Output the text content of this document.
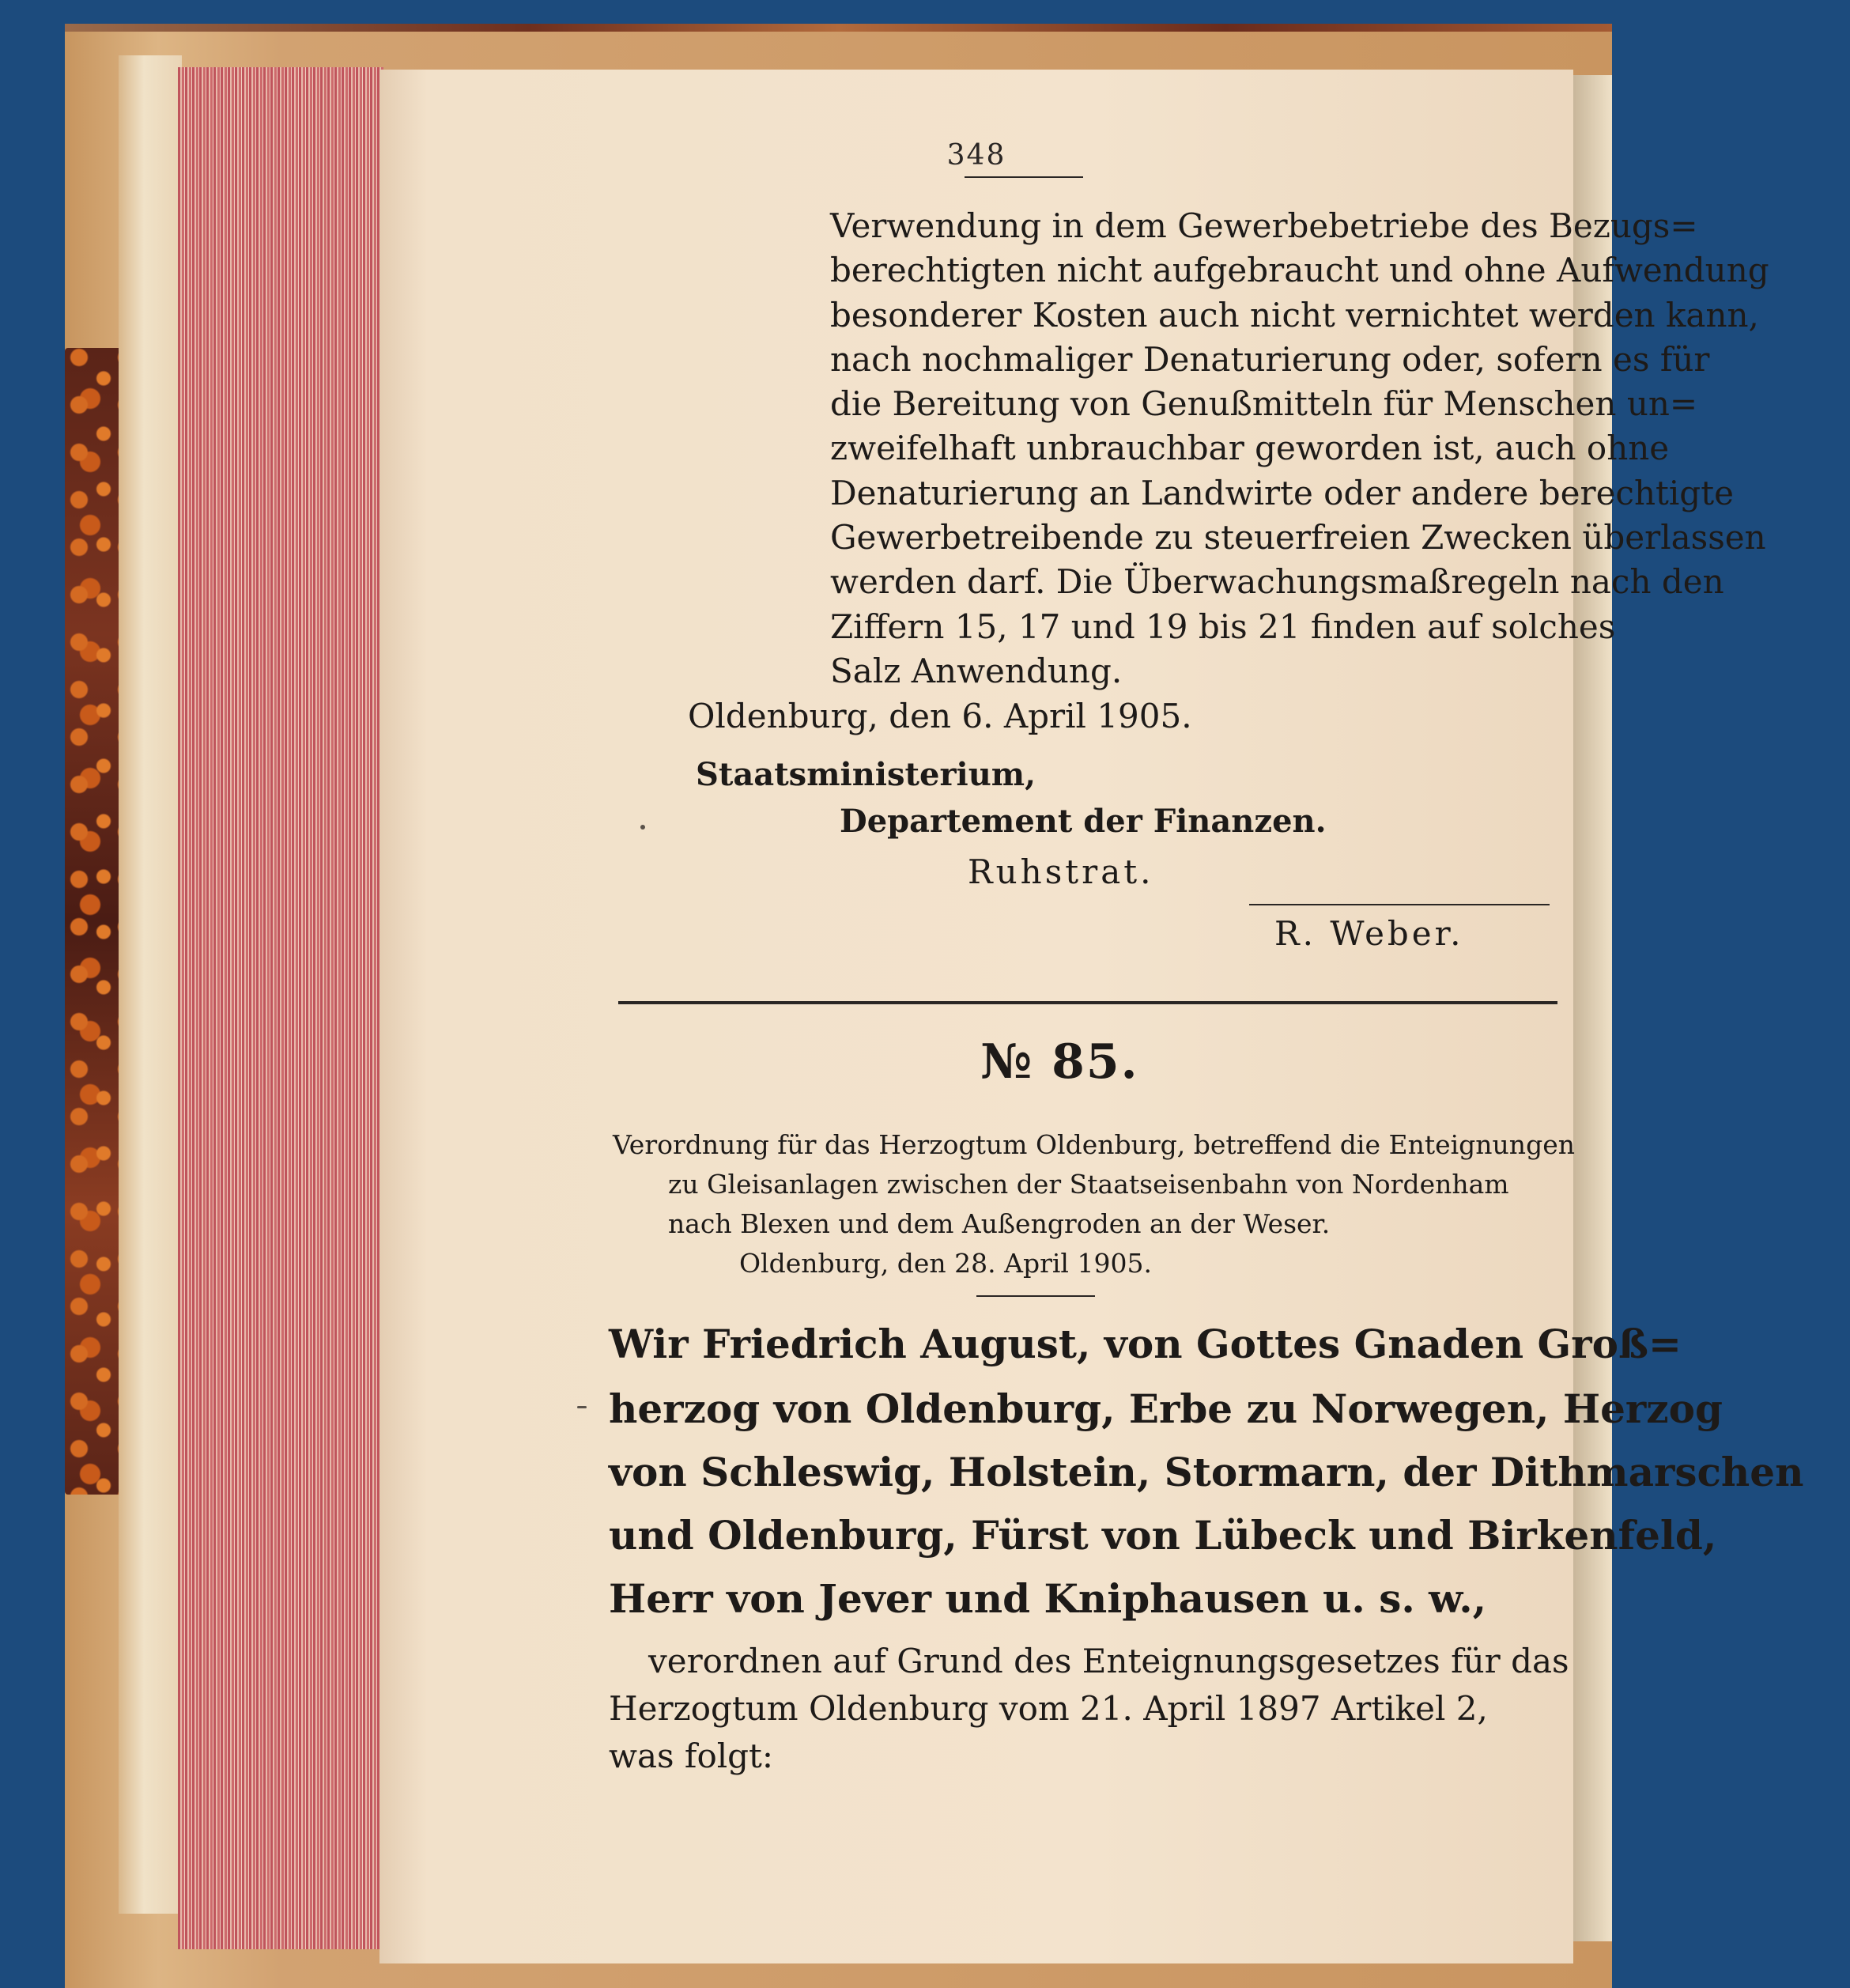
348
Verwendung in dem Gewerbebetriebe des Bezugs=
berechtigten nicht aufgebraucht und ohne Aufwendung
besonderer Kosten auch nicht vernichtet werden kann,
nach nochmaliger Denaturierung oder, sofern es für
die Bereitung von Genußmitteln für Menschen un=
zweifelhaft unbrauchbar geworden ist, auch ohne
Denaturierung an Landwirte oder andere berechtigte
Gewerbetreibende zu steuerfreien Zwecken überlassen
werden darf. Die Überwachungsmaßregeln nach den
Ziffern 15, 17 und 19 bis 21 finden auf solches
Salz Anwendung.
Oldenburg, den 6. April 1905.
Staatsministerium,
Departement der Finanzen.
Ruhstrat.
R. Weber.
№ 85.
Verordnung für das Herzogtum Oldenburg, betreffend die Enteignungen
zu Gleisanlagen zwischen der Staatseisenbahn von Nordenham
nach Blexen und dem Außengroden an der Weser.
Oldenburg, den 28. April 1905.
Wir Friedrich August, von Gottes Gnaden Groß=
herzog von Oldenburg, Erbe zu Norwegen, Herzog
von Schleswig, Holstein, Stormarn, der Dithmarschen
und Oldenburg, Fürst von Lübeck und Birkenfeld,
Herr von Jever und Kniphausen u. s. w.,
verordnen auf Grund des Enteignungsgesetzes für das
Herzogtum Oldenburg vom 21. April 1897 Artikel 2,
was folgt:
